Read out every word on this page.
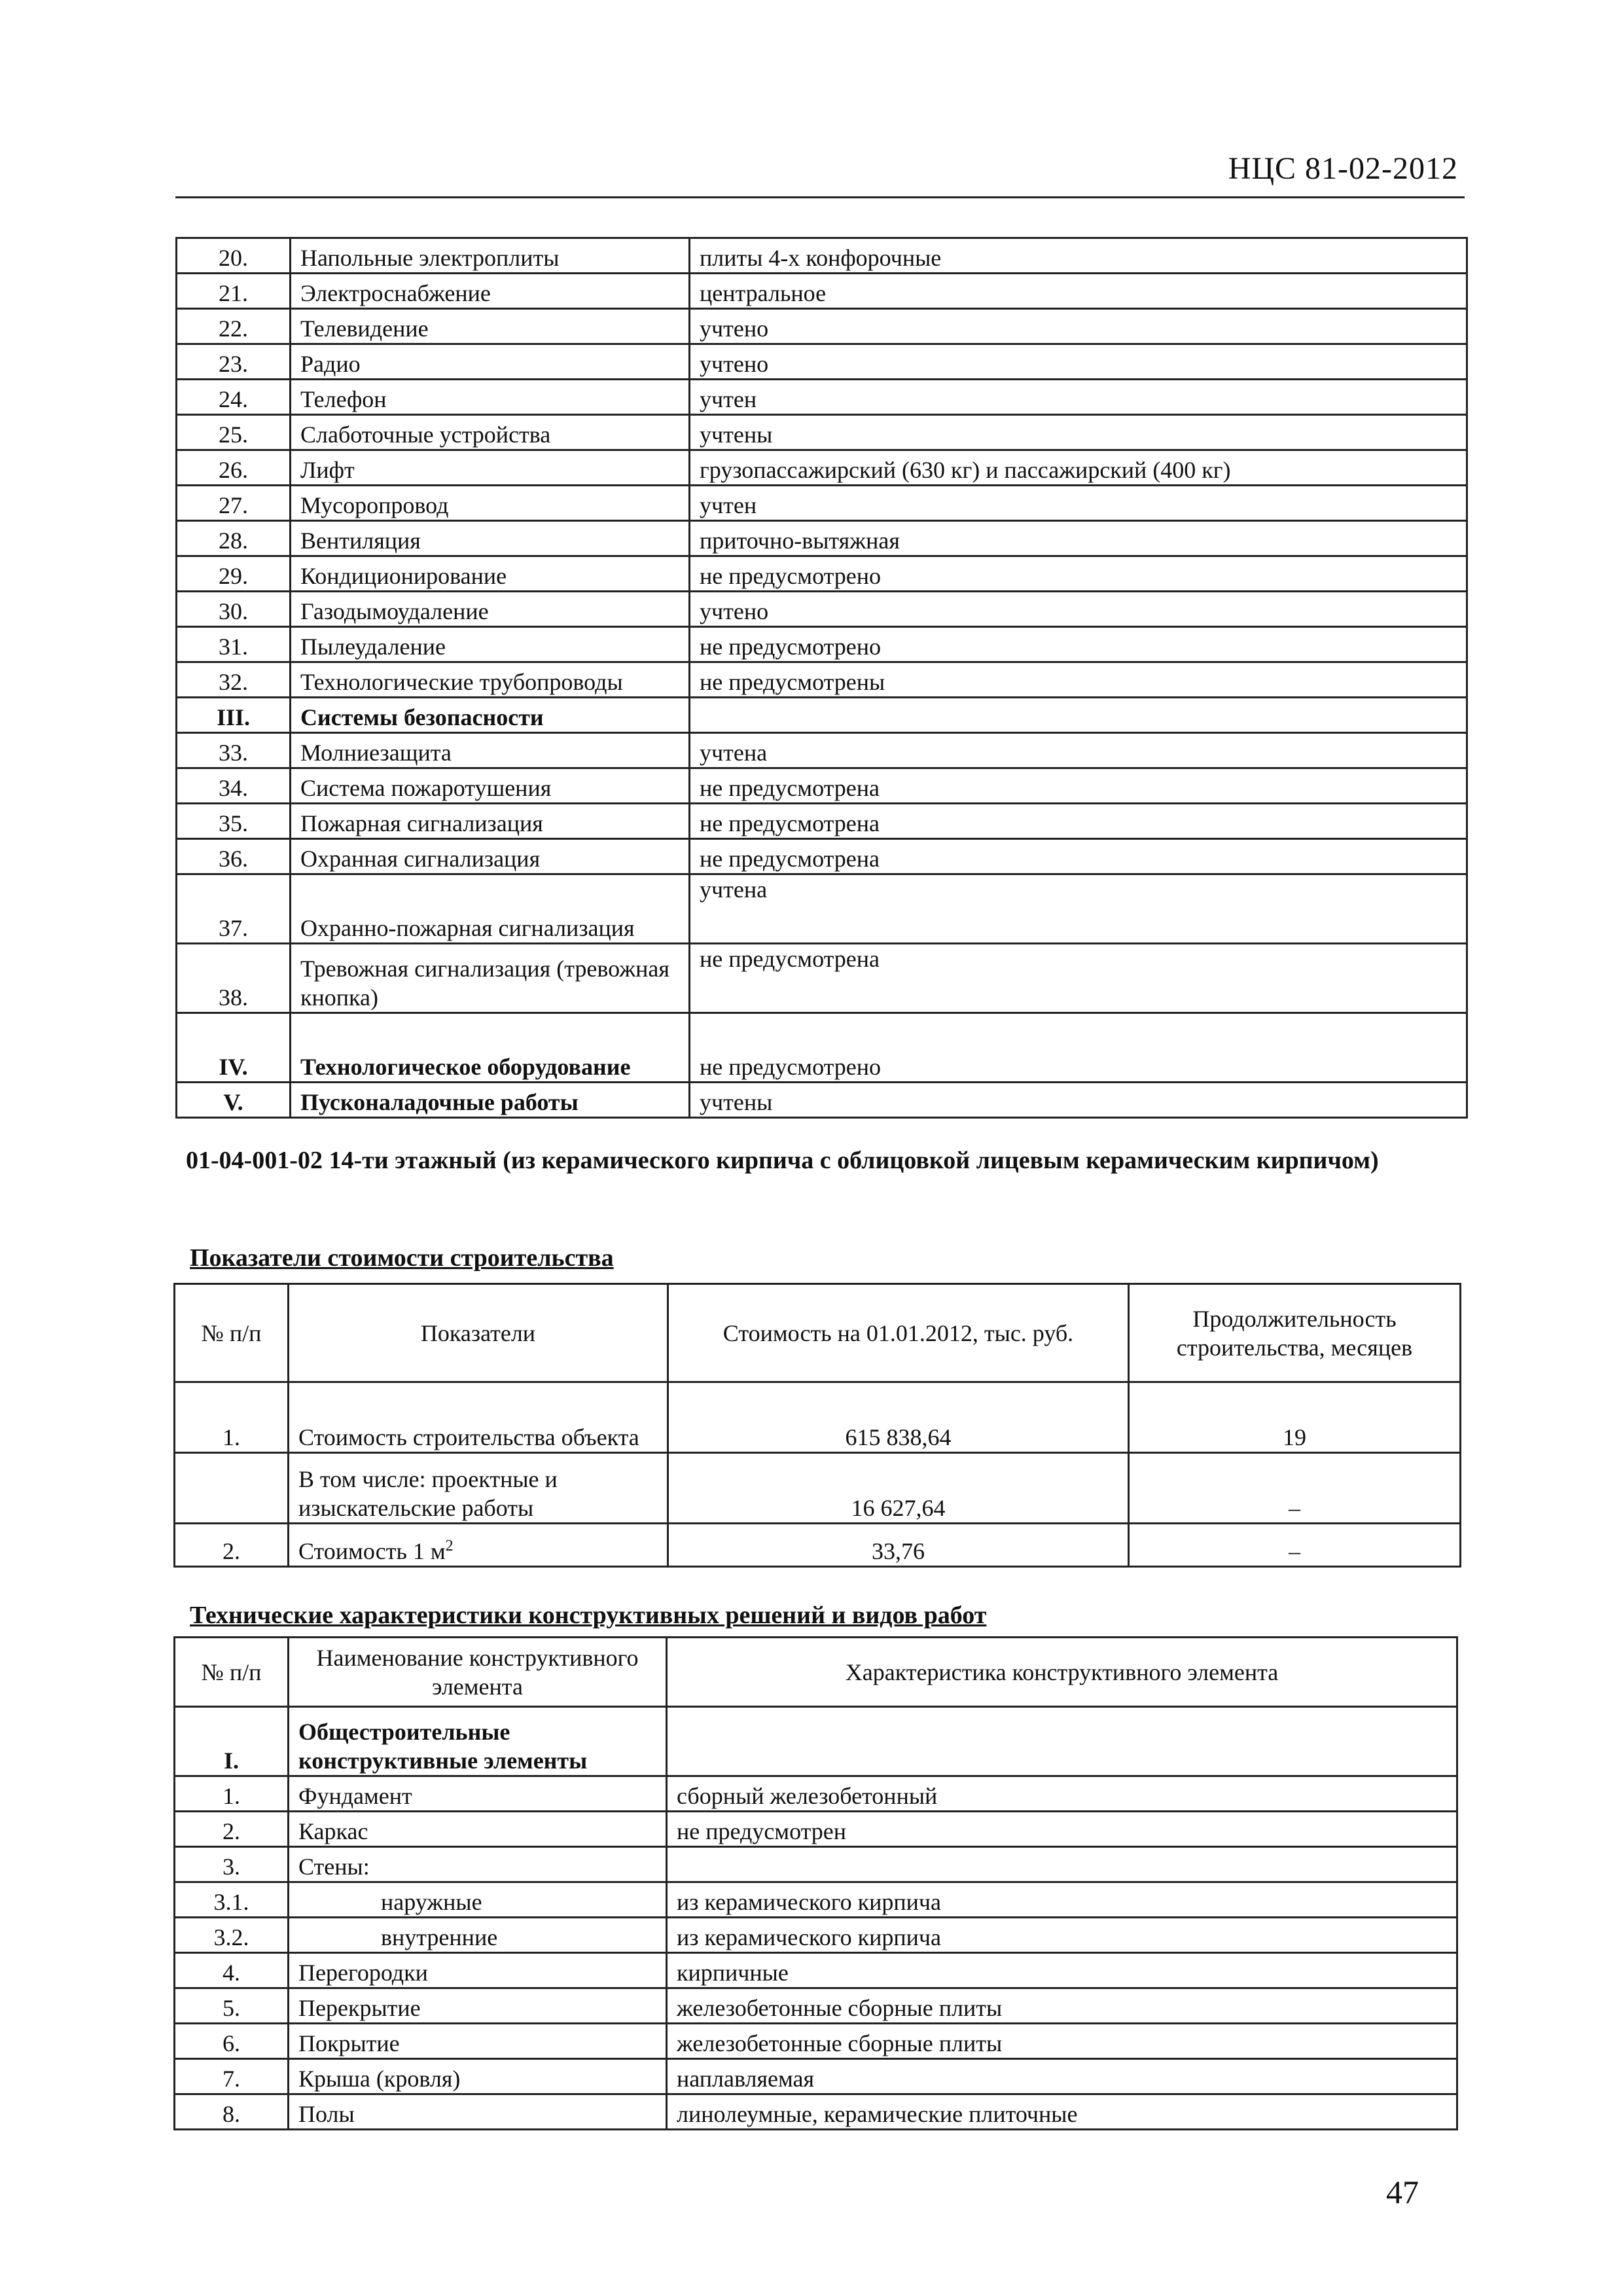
НЦС 81-02-2012
20.	Напольные электроплиты	плиты 4-х конфорочные
21.	Электроснабжение	центральное
22.	Телевидение	учтено
23.	Радио	учтено
24.	Телефон	учтен
25.	Слаботочные устройства	учтены
26.	Лифт	грузопассажирский (630 кг) и пассажирский (400 кг)
27.	Мусоропровод	учтен
28.	Вентиляция	приточно-вытяжная
29.	Кондиционирование	не предусмотрено
30.	Газодымоудаление	учтено
31.	Пылеудаление	не предусмотрено
32.	Технологические трубопроводы	не предусмотрены
III.	Системы безопасности	
33.	Молниезащита	учтена
34.	Система пожаротушения	не предусмотрена
35.	Пожарная сигнализация	не предусмотрена
36.	Охранная сигнализация	не предусмотрена
37.	Охранно-пожарная сигнализация	учтена
38.	Тревожная сигнализация (тревожная кнопка)	не предусмотрена
IV.	Технологическое оборудование	не предусмотрено
V.	Пусконаладочные работы	учтены
01-04-001-02 14-ти этажный (из керамического кирпича с облицовкой лицевым керамическим кирпичом)
Показатели стоимости строительства
№ п/п	Показатели	Стоимость на 01.01.2012, тыс. руб.	Продолжительность строительства, месяцев
1.	Стоимость строительства объекта	615 838,64	19
	В том числе: проектные и изыскательские работы	16 627,64	–
2.	Стоимость 1 $м^2$	33,76	–
Технические характеристики конструктивных решений и видов работ
№ п/п	Наименование конструктивного элемента	Характеристика конструктивного элемента
I.	Общестроительные конструктивные элементы	
1.	Фундамент	сборный железобетонный
2.	Каркас	не предусмотрен
3.	Стены:	
3.1.	наружные	из керамического кирпича
3.2.	внутренние	из керамического кирпича
4.	Перегородки	кирпичные
5.	Перекрытие	железобетонные сборные плиты
6.	Покрытие	железобетонные сборные плиты
7.	Крыша (кровля)	наплавляемая
8.	Полы	линолеумные, керамические плиточные
47
